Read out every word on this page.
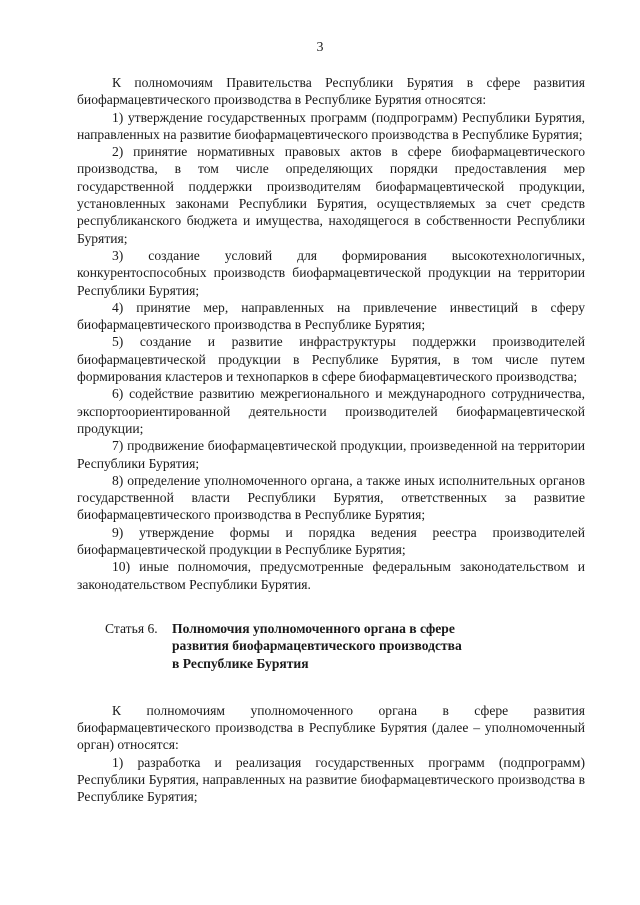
3

К полномочиям Правительства Республики Бурятия в сфере развития биофармацевтического производства в Республике Бурятия относятся:

1) утверждение государственных программ (подпрограмм) Республики Бурятия, направленных на развитие биофармацевтического производства в Республике Бурятия;

2) принятие нормативных правовых актов в сфере биофармацевтического производства, в том числе определяющих порядки предоставления мер государственной поддержки производителям биофармацевтической продукции, установленных законами Республики Бурятия, осуществляемых за счет средств республиканского бюджета и имущества, находящегося в собственности Республики Бурятия;

3) создание условий для формирования высокотехнологичных, конкурентоспособных производств биофармацевтической продукции на территории Республики Бурятия;

4) принятие мер, направленных на привлечение инвестиций в сферу биофармацевтического производства в Республике Бурятия;

5) создание и развитие инфраструктуры поддержки производителей биофармацевтической продукции в Республике Бурятия, в том числе путем формирования кластеров и технопарков в сфере биофармацевтического производства;

6) содействие развитию межрегионального и международного сотрудничества, экспортоориентированной деятельности производителей биофармацевтической продукции;

7) продвижение биофармацевтической продукции, произведенной на территории Республики Бурятия;

8) определение уполномоченного органа, а также иных исполнительных органов государственной власти Республики Бурятия, ответственных за развитие биофармацевтического производства в Республике Бурятия;

9) утверждение формы и порядка ведения реестра производителей биофармацевтической продукции в Республике Бурятия;

10) иные полномочия, предусмотренные федеральным законодательством и законодательством Республики Бурятия.

Статья 6.	Полномочия уполномоченного органа в сфере развития биофармацевтического производства в Республике Бурятия

К полномочиям уполномоченного органа в сфере развития биофармацевтического производства в Республике Бурятия (далее – уполномоченный орган) относятся:

1) разработка и реализация государственных программ (подпрограмм) Республики Бурятия, направленных на развитие биофармацевтического производства в Республике Бурятия;
